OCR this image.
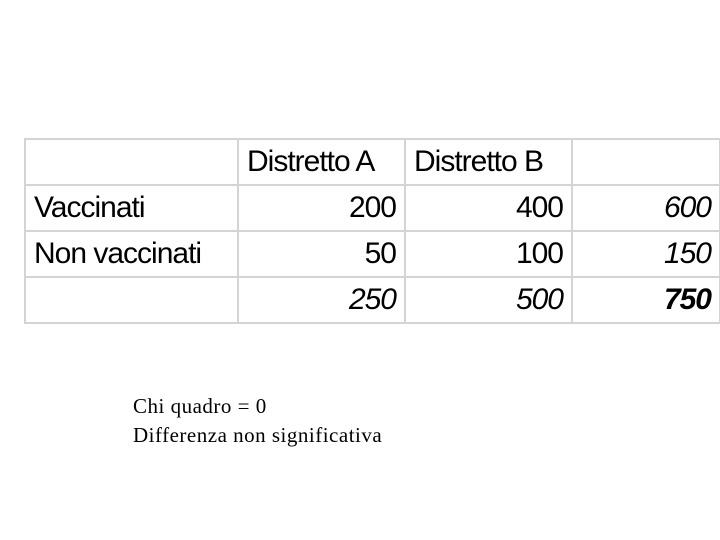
	Distretto A	Distretto B	
Vaccinati	200	400	600
Non vaccinati	50	100	150
	250	500	750
Chi quadro = 0
Differenza non significativa
